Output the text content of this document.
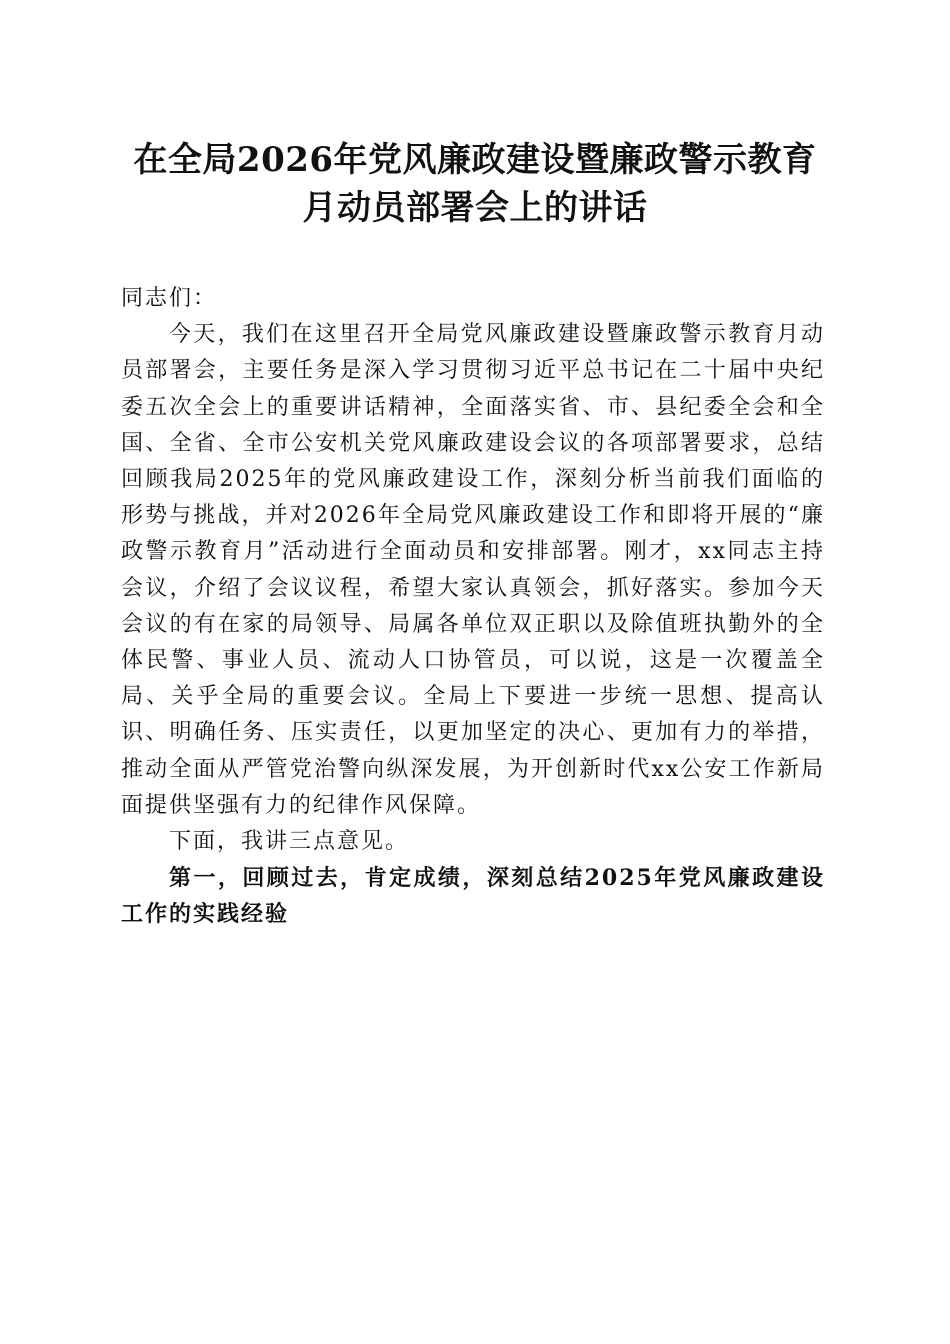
在全局2026年党风廉政建设暨廉政警示教育
月动员部署会上的讲话

同志们：

今天，我们在这里召开全局党风廉政建设暨廉政警示教育月动员部署会，主要任务是深入学习贯彻习近平总书记在二十届中央纪委五次全会上的重要讲话精神，全面落实省、市、县纪委全会和全国、全省、全市公安机关党风廉政建设会议的各项部署要求，总结回顾我局2025年的党风廉政建设工作，深刻分析当前我们面临的形势与挑战，并对2026年全局党风廉政建设工作和即将开展的“廉政警示教育月”活动进行全面动员和安排部署。刚才，xx同志主持会议，介绍了会议议程，希望大家认真领会，抓好落实。参加今天会议的有在家的局领导、局属各单位双正职以及除值班执勤外的全体民警、事业人员、流动人口协管员，可以说，这是一次覆盖全局、关乎全局的重要会议。全局上下要进一步统一思想、提高认识、明确任务、压实责任，以更加坚定的决心、更加有力的举措，推动全面从严管党治警向纵深发展，为开创新时代xx公安工作新局面提供坚强有力的纪律作风保障。

下面，我讲三点意见。

第一，回顾过去，肯定成绩，深刻总结2025年党风廉政建设工作的实践经验
